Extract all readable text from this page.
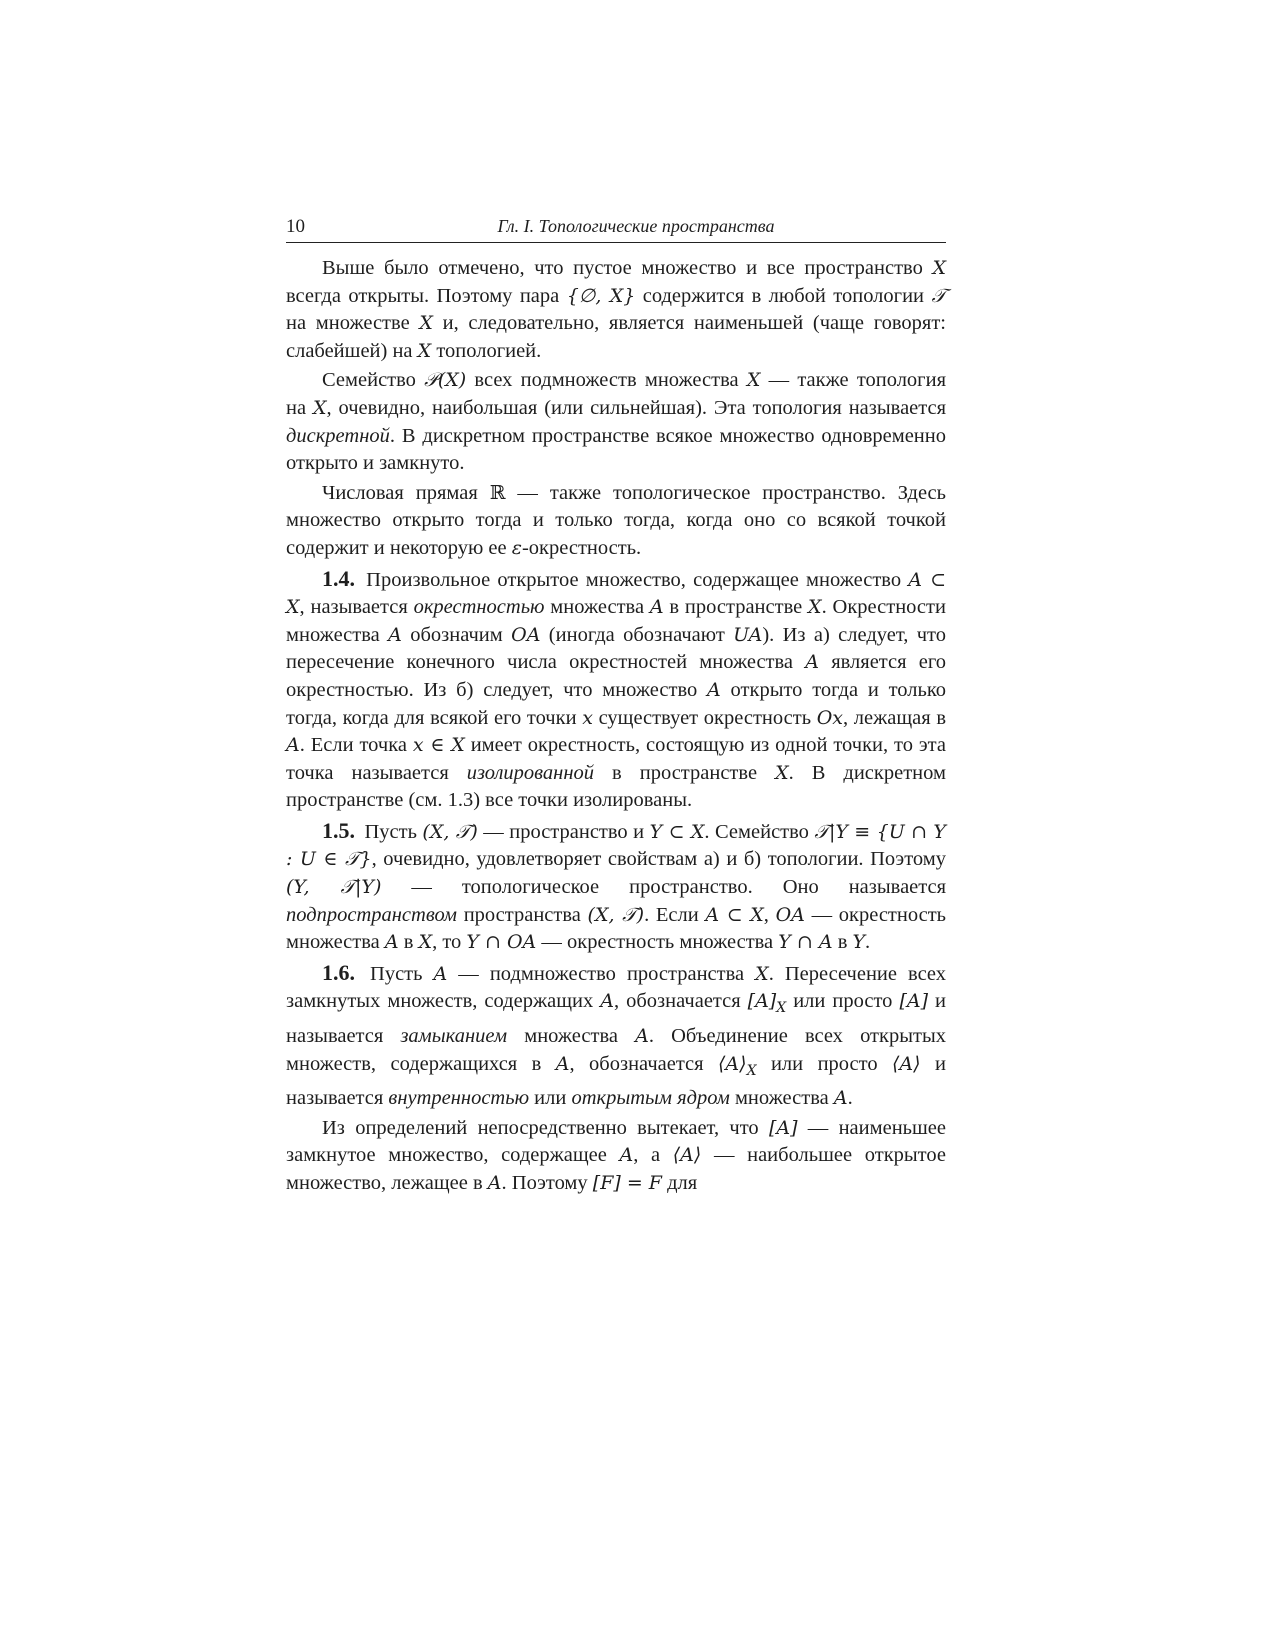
10	Гл. I. Топологические пространства

Выше было отмечено, что пустое множество и все пространство X всегда открыты. Поэтому пара {∅, X} содержится в любой топологии 𝒯 на множестве X и, следовательно, является наименьшей (чаще говорят: слабейшей) на X топологией.

Семейство 𝒫(X) всех подмножеств множества X — также топология на X, очевидно, наибольшая (или сильнейшая). Эта топология называется дискретной. В дискретном пространстве всякое множество одновременно открыто и замкнуто.

Числовая прямая ℝ — также топологическое пространство. Здесь множество открыто тогда и только тогда, когда оно со всякой точкой содержит и некоторую ее ε-окрестность.

1.4. Произвольное открытое множество, содержащее множество A ⊂ X, называется окрестностью множества A в пространстве X. Окрестности множества A обозначим OA (иногда обозначают UA). Из а) следует, что пересечение конечного числа окрестностей множества A является его окрестностью. Из б) следует, что множество A открыто тогда и только тогда, когда для всякой его точки x существует окрестность Ox, лежащая в A. Если точка x ∈ X имеет окрестность, состоящую из одной точки, то эта точка называется изолированной в пространстве X. В дискретном пространстве (см. 1.3) все точки изолированы.

1.5. Пусть (X, 𝒯) — пространство и Y ⊂ X. Семейство 𝒯|Y ≡ {U ∩ Y : U ∈ 𝒯}, очевидно, удовлетворяет свойствам а) и б) топологии. Поэтому (Y, 𝒯|Y) — топологическое пространство. Оно называется подпространством пространства (X, 𝒯). Если A ⊂ X, OA — окрестность множества A в X, то Y ∩ OA — окрестность множества Y ∩ A в Y.

1.6. Пусть A — подмножество пространства X. Пересечение всех замкнутых множеств, содержащих A, обозначается $[A]_X$ или просто [A] и называется замыканием множества A. Объединение всех открытых множеств, содержащихся в A, обозначается $⟨A⟩_X$ или просто ⟨A⟩ и называется внутренностью или открытым ядром множества A.

Из определений непосредственно вытекает, что [A] — наименьшее замкнутое множество, содержащее A, а ⟨A⟩ — наибольшее открытое множество, лежащее в A. Поэтому [F] = F для
